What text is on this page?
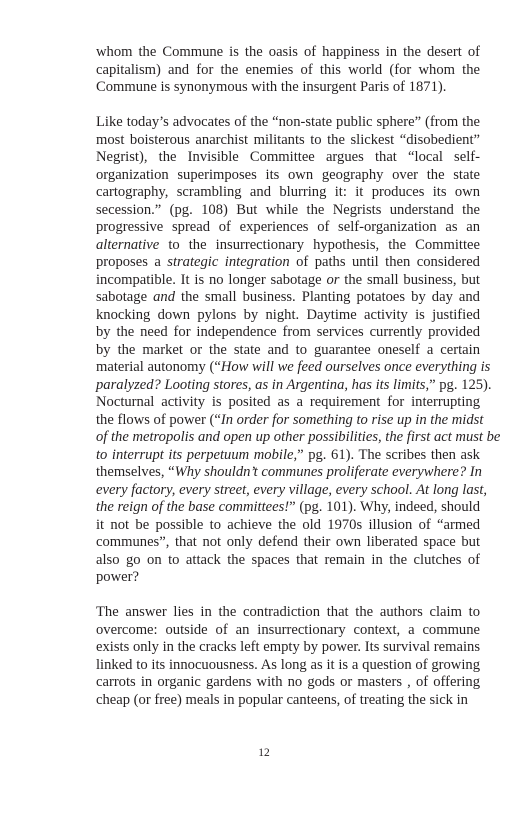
whom the Commune is the oasis of happiness in the desert of
capitalism) and for the enemies of this world (for whom the
Commune is synonymous with the insurgent Paris of 1871).
Like today’s advocates of the “non-state public sphere” (from the
most boisterous anarchist militants to the slickest “disobedient”
Negrist), the Invisible Committee argues that “local self-
organization superimposes its own geography over the state
cartography, scrambling and blurring it: it produces its own
secession.” (pg. 108) But while the Negrists understand the
progressive spread of experiences of self-organization as an
alternative to the insurrectionary hypothesis, the Committee
proposes a strategic integration of paths until then considered
incompatible. It is no longer sabotage or the small business, but
sabotage and the small business. Planting potatoes by day and
knocking down pylons by night. Daytime activity is justified
by the need for independence from services currently provided
by the market or the state and to guarantee oneself a certain
material autonomy (“How will we feed ourselves once everything is
paralyzed? Looting stores, as in Argentina, has its limits,” pg. 125).
Nocturnal activity is posited as a requirement for interrupting
the flows of power (“In order for something to rise up in the midst
of the metropolis and open up other possibilities, the first act must be
to interrupt its perpetuum mobile,” pg. 61). The scribes then ask
themselves, “Why shouldn’t communes proliferate everywhere? In
every factory, every street, every village, every school. At long last,
the reign of the base committees!” (pg. 101). Why, indeed, should
it not be possible to achieve the old 1970s illusion of “armed
communes”, that not only defend their own liberated space but
also go on to attack the spaces that remain in the clutches of
power?
The answer lies in the contradiction that the authors claim to
overcome: outside of an insurrectionary context, a commune
exists only in the cracks left empty by power. Its survival remains
linked to its innocuousness. As long as it is a question of growing
carrots in organic gardens with no gods or masters , of offering
cheap (or free) meals in popular canteens, of treating the sick in
12
